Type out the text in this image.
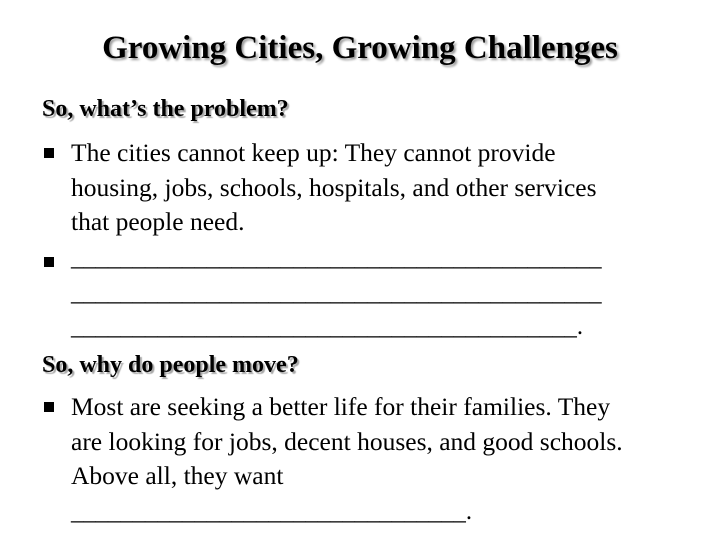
Growing Cities, Growing Challenges
So, what’s the problem?
The cities cannot keep up: They cannot provide
housing, jobs, schools, hospitals, and other services
that people need.
___________________________________________
___________________________________________
_________________________________________.
So, why do people move?
Most are seeking a better life for their families. They
are looking for jobs, decent houses, and good schools.
Above all, they want
________________________________.
